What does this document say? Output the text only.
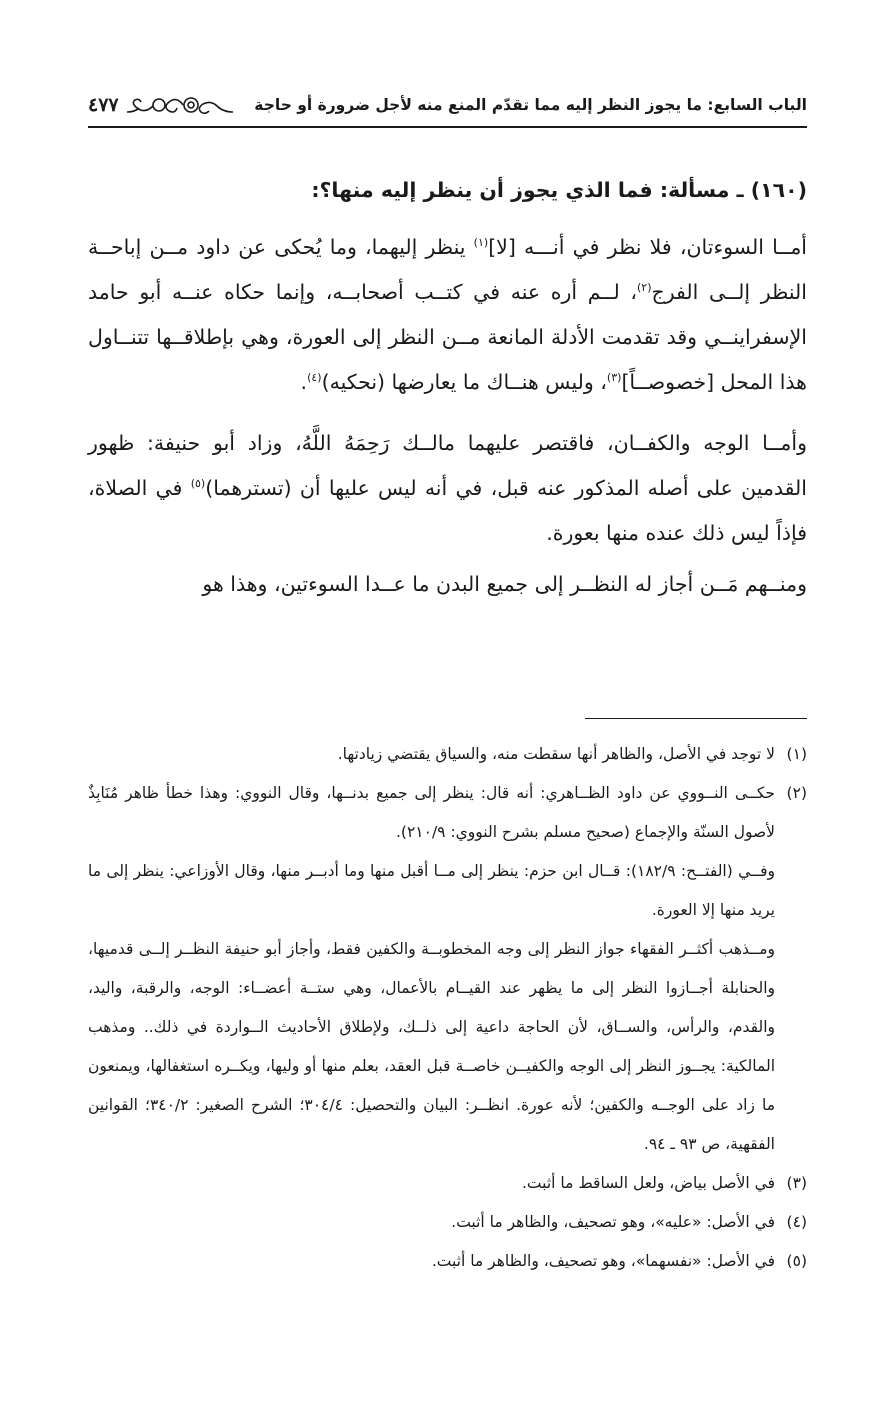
الباب السابع: ما يجوز النظر إليه مما تقدّم المنع منه لأجل ضرورة أو حاجة
٤٧٧
(١٦٠) ـ مسألة: فما الذي يجوز أن ينظر إليه منها؟:

أمــا السوءتان، فلا نظر في أنـــه [لا]$^{(١)}$ ينظر إليهما، وما يُحكى عن داود مــن إباحــة النظر إلــى الفرج$^{(٢)}$، لــم أره عنه في كتــب أصحابــه، وإنما حكاه عنــه أبو حامد الإسفراينــي وقد تقدمت الأدلة المانعة مــن النظر إلى العورة، وهي بإطلاقــها تتنــاول هذا المحل [خصوصــاً]$^{(٣)}$، وليس هنــاك ما يعارضها (نحكيه)$^{(٤)}$.

وأمــا الوجه والكفــان، فاقتصر عليهما مالــك رَحِمَهُ اللَّهُ، وزاد أبو حنيفة: ظهور القدمين على أصله المذكور عنه قبل، في أنه ليس عليها أن (تسترهما)$^{(٥)}$ في الصلاة، فإذاً ليس ذلك عنده منها بعورة.

ومنــهم مَــن أجاز له النظــر إلى جميع البدن ما عــدا السوءتين، وهذا هو

(١)
لا توجد في الأصل، والظاهر أنها سقطت منه، والسياق يقتضي زيادتها.
(٢)
حكــى النــووي عن داود الظــاهري: أنه قال: ينظر إلى جميع بدنــها، وقال النووي: وهذا خطأ ظاهر مُنَابِذٌ لأصول السنّة والإجماع (صحيح مسلم بشرح النووي: ٢١٠/٩).
وفــي (الفتــح: ١٨٢/٩): قــال ابن حزم: ينظر إلى مــا أقبل منها وما أدبــر منها، وقال الأوزاعي: ينظر إلى ما يريد منها إلا العورة.
ومــذهب أكثــر الفقهاء جواز النظر إلى وجه المخطوبــة والكفين فقط، وأجاز أبو حنيفة النظــر إلــى قدميها، والحنابلة أجــازوا النظر إلى ما يظهر عند القيــام بالأعمال، وهي ستــة أعضــاء: الوجه، والرقبة، واليد، والقدم، والرأس، والســاق، لأن الحاجة داعية إلى ذلــك، ولإطلاق الأحاديث الــواردة في ذلك.. ومذهب المالكية: يجــوز النظر إلى الوجه والكفيــن خاصــة قبل العقد، بعلم منها أو وليها، ويكــره استغفالها، ويمنعون ما زاد على الوجــه والكفين؛ لأنه عورة. انظــر: البيان والتحصيل: ٣٠٤/٤؛ الشرح الصغير: ٣٤٠/٢؛ القوانين الفقهية، ص ٩٣ ـ ٩٤.
(٣)
في الأصل بياض، ولعل الساقط ما أثبت.
(٤)
في الأصل: «عليه»، وهو تصحيف، والظاهر ما أثبت.
(٥)
في الأصل: «نفسهما»، وهو تصحيف، والظاهر ما أثبت.
